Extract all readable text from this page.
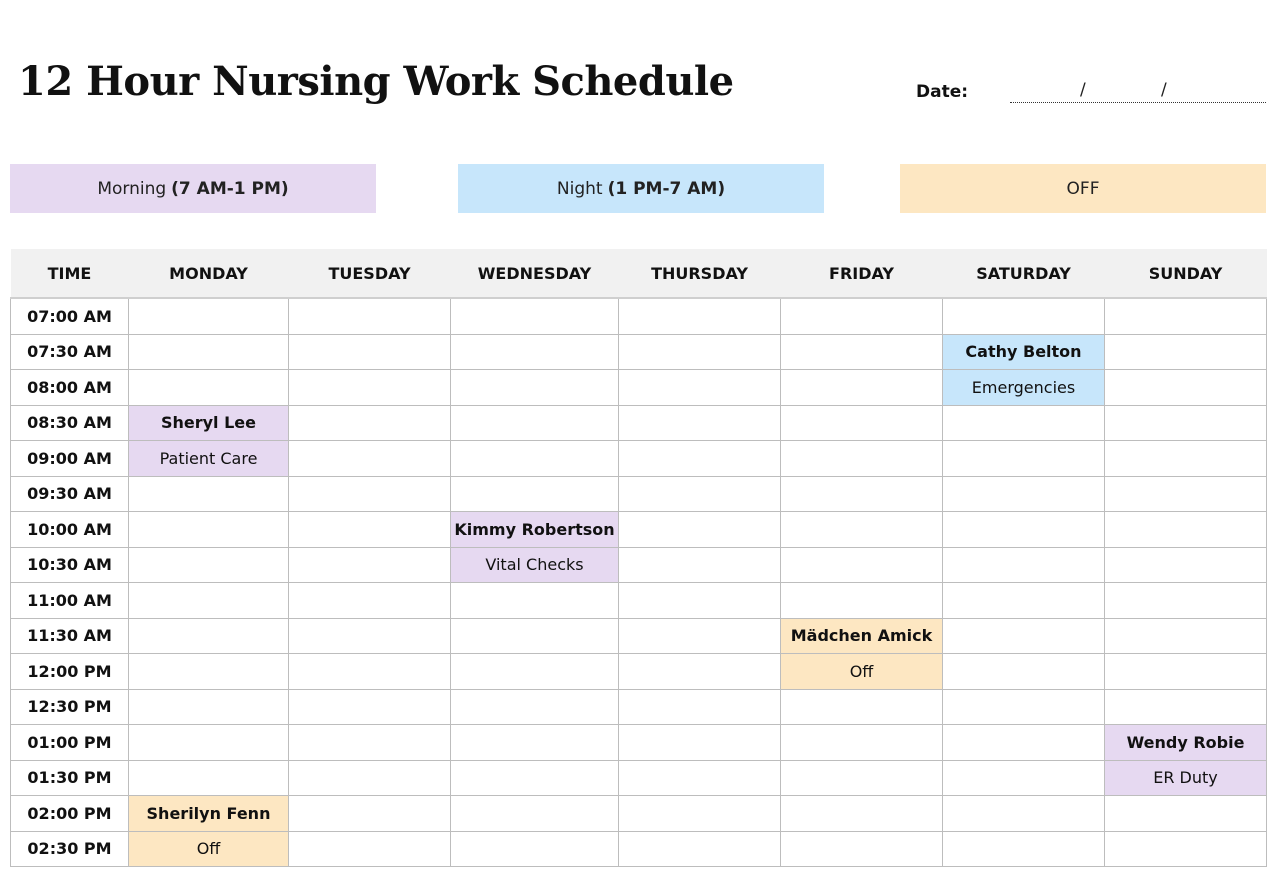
12 Hour Nursing Work Schedule	Date:	/	/
Morning (7 AM-1 PM)	Night (1 PM-7 AM)	OFF
TIME	MONDAY	TUESDAY	WEDNESDAY	THURSDAY	FRIDAY	SATURDAY	SUNDAY
07:00 AM							
07:30 AM						Cathy Belton	
08:00 AM						Emergencies	
08:30 AM	Sheryl Lee						
09:00 AM	Patient Care						
09:30 AM							
10:00 AM			Kimmy Robertson				
10:30 AM			Vital Checks				
11:00 AM							
11:30 AM					Mädchen Amick		
12:00 PM					Off		
12:30 PM							
01:00 PM							Wendy Robie
01:30 PM							ER Duty
02:00 PM	Sherilyn Fenn						
02:30 PM	Off						
